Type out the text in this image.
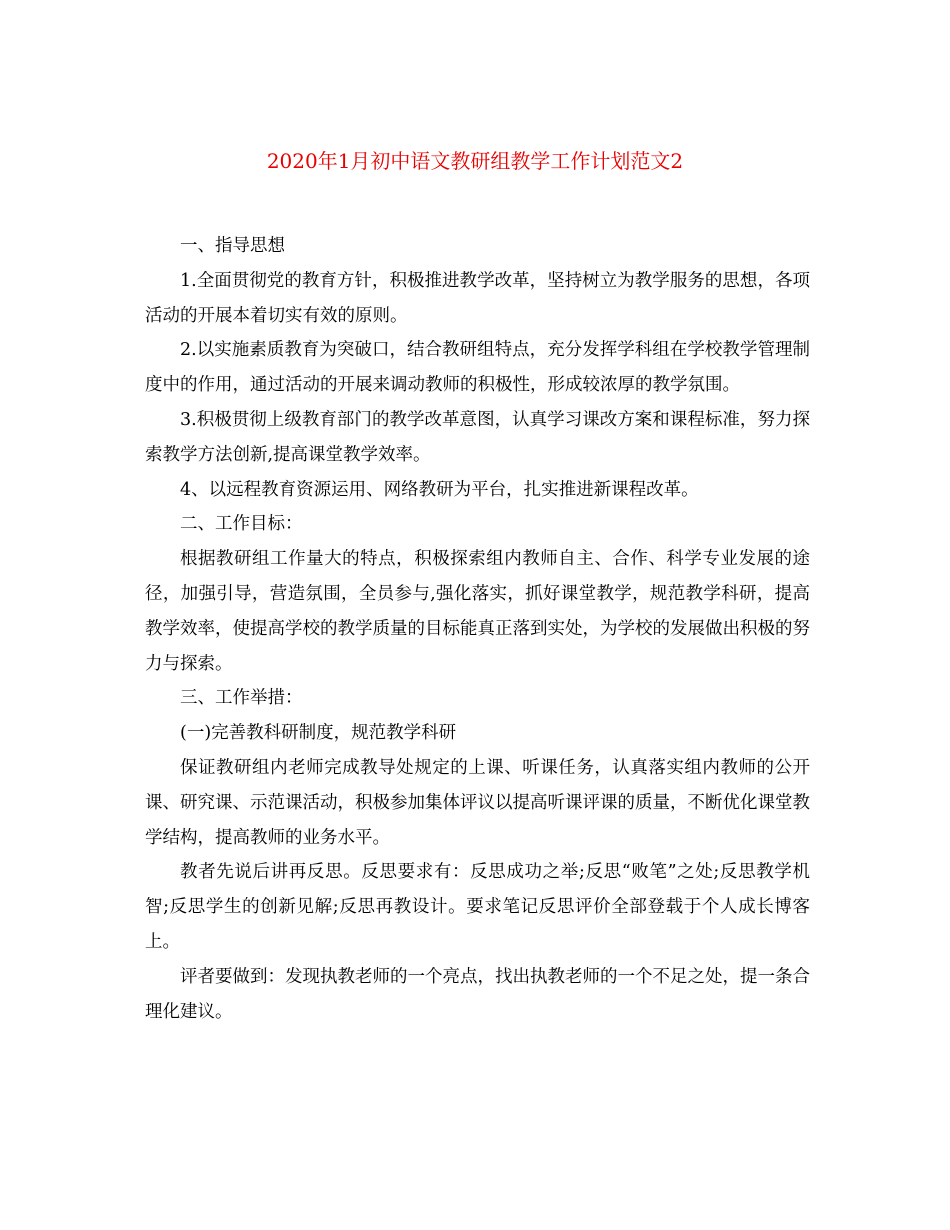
2020年1月初中语文教研组教学工作计划范文2

一、指导思想

1.全面贯彻党的教育方针，积极推进教学改革，坚持树立为教学服务的思想，各项活动的开展本着切实有效的原则。

2.以实施素质教育为突破口，结合教研组特点，充分发挥学科组在学校教学管理制度中的作用，通过活动的开展来调动教师的积极性，形成较浓厚的教学氛围。

3.积极贯彻上级教育部门的教学改革意图，认真学习课改方案和课程标准，努力探索教学方法创新,提高课堂教学效率。

4、以远程教育资源运用、网络教研为平台，扎实推进新课程改革。

二、工作目标：

根据教研组工作量大的特点，积极探索组内教师自主、合作、科学专业发展的途径，加强引导，营造氛围，全员参与,强化落实，抓好课堂教学，规范教学科研，提高教学效率，使提高学校的教学质量的目标能真正落到实处，为学校的发展做出积极的努力与探索。

三、工作举措：

(一)完善教科研制度，规范教学科研

保证教研组内老师完成教导处规定的上课、听课任务，认真落实组内教师的公开课、研究课、示范课活动，积极参加集体评议以提高听课评课的质量，不断优化课堂教学结构，提高教师的业务水平。

教者先说后讲再反思。反思要求有：反思成功之举;反思“败笔”之处;反思教学机智;反思学生的创新见解;反思再教设计。要求笔记反思评价全部登载于个人成长博客上。

评者要做到：发现执教老师的一个亮点，找出执教老师的一个不足之处，提一条合理化建议。
